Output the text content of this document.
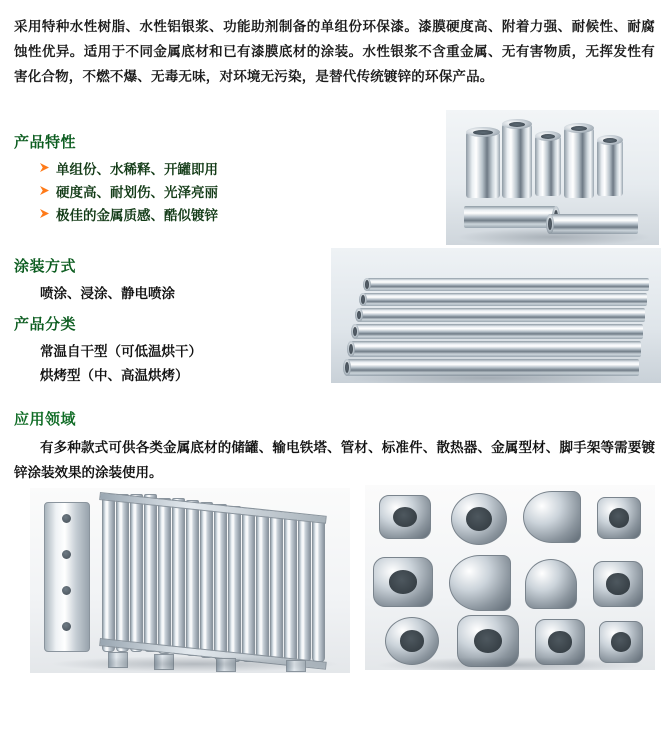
采用特种水性树脂、水性铝银浆、功能助剂制备的单组份环保漆。漆膜硬度高、附着力强、耐候性、耐腐蚀性优异。适用于不同金属底材和已有漆膜底材的涂装。水性银浆不含重金属、无有害物质，无挥发性有害化合物，不燃不爆、无毒无味，对环境无污染，是替代传统镀锌的环保产品。
产品特性
单组份、水稀释、开罐即用
硬度高、耐划伤、光泽亮丽
极佳的金属质感、酷似镀锌
涂装方式
喷涂、浸涂、静电喷涂
产品分类
常温自干型（可低温烘干）
烘烤型（中、高温烘烤）
应用领域
有多种款式可供各类金属底材的储罐、输电铁塔、管材、标准件、散热器、金属型材、脚手架等需要镀锌涂装效果的涂装使用。
